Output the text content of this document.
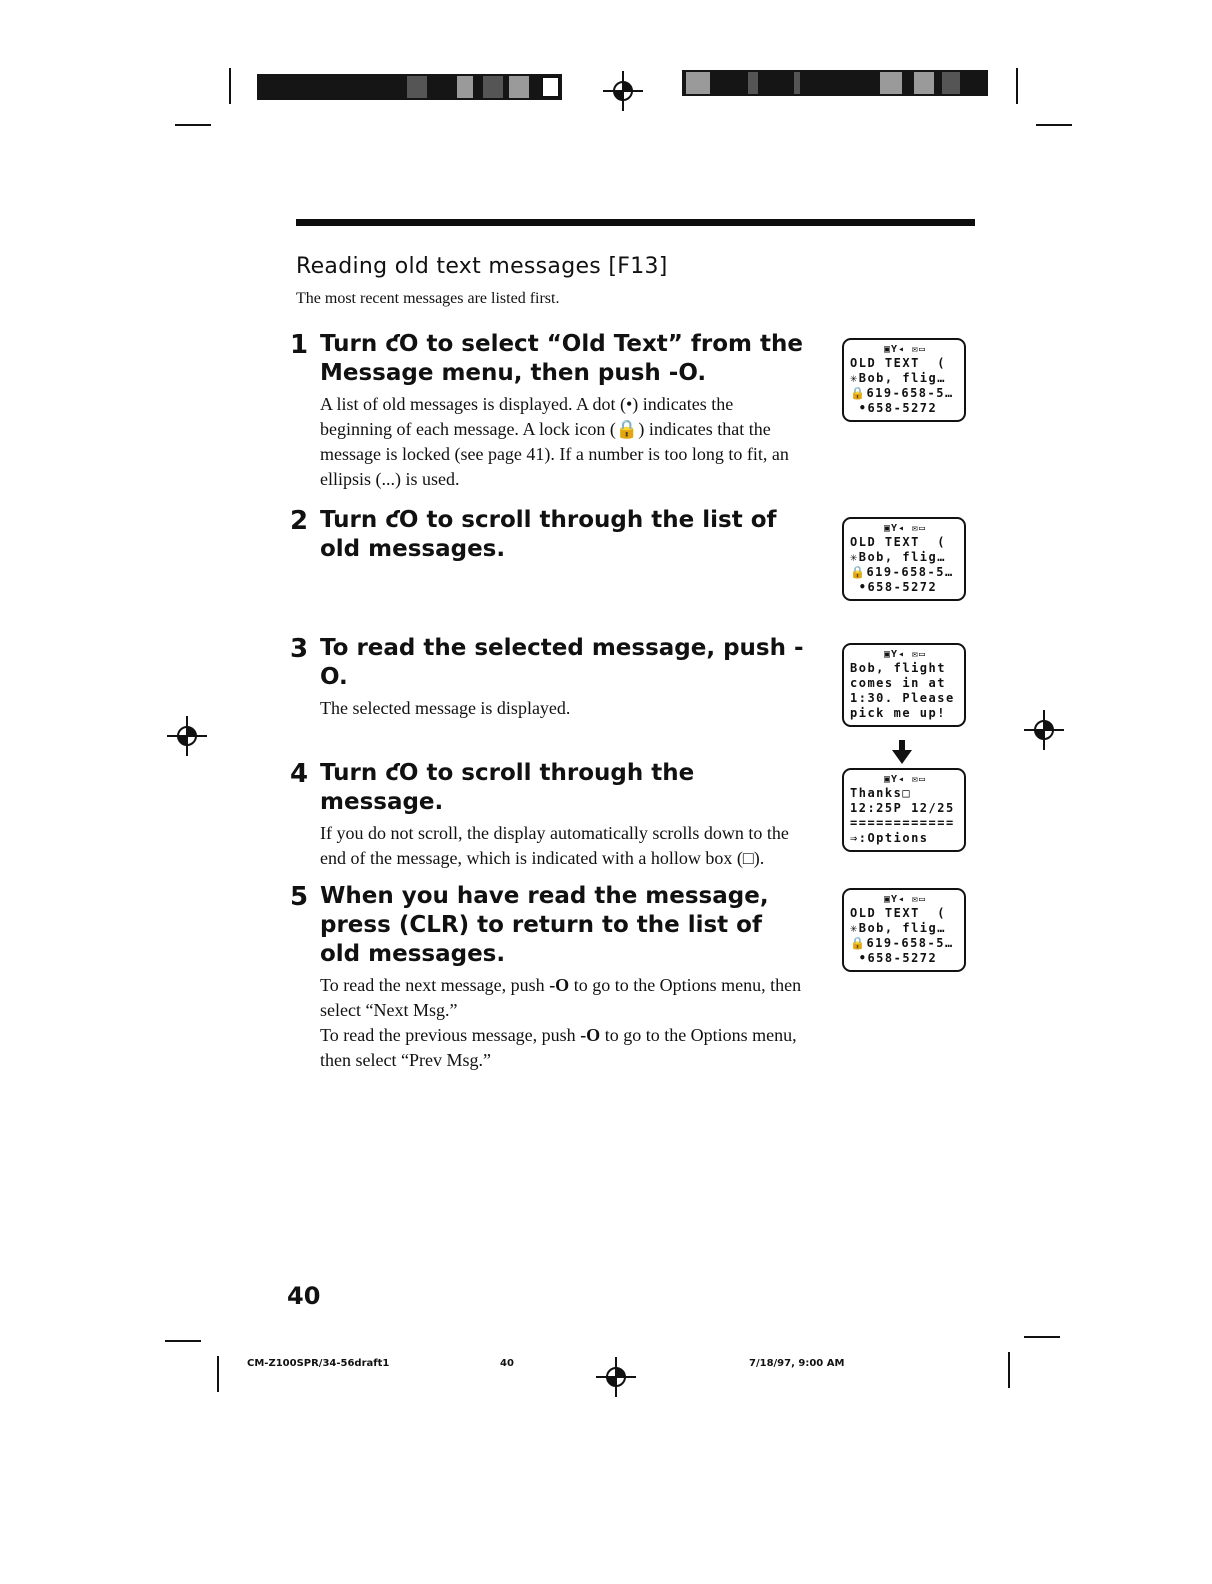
Reading old text messages [F13]
The most recent messages are listed first.
1 Turn ƈO to select “Old Text” from the Message menu, then push -O.
A list of old messages is displayed. A dot (•) indicates the beginning of each message. A lock icon (🔒) indicates that the message is locked (see page 41). If a number is too long to fit, an ellipsis (...) is used.
2 Turn ƈO to scroll through the list of old messages.
3 To read the selected message, push -O.
The selected message is displayed.
4 Turn ƈO to scroll through the message.
If you do not scroll, the display automatically scrolls down to the end of the message, which is indicated with a hollow box (□).
5 When you have read the message, press (CLR) to return to the list of old messages.
To read the next message, push -O to go to the Options menu, then select “Next Msg.”
To read the previous message, push -O to go to the Options menu, then select “Prev Msg.”
▣Y◂ ✉▭
OLD TEXT  (
✳Bob, flig…
🔒619-658-5…
•658-5272
▣Y◂ ✉▭
OLD TEXT  (
✳Bob, flig…
🔒619-658-5…
•658-5272
▣Y◂ ✉▭
Bob, flight
comes in at
1:30. Please
pick me up!
▣Y◂ ✉▭
Thanks□
12:25P 12/25
============
⇒:Options
▣Y◂ ✉▭
OLD TEXT  (
✳Bob, flig…
🔒619-658-5…
•658-5272
40
CM-Z100SPR/34-56draft1	40	7/18/97, 9:00 AM
